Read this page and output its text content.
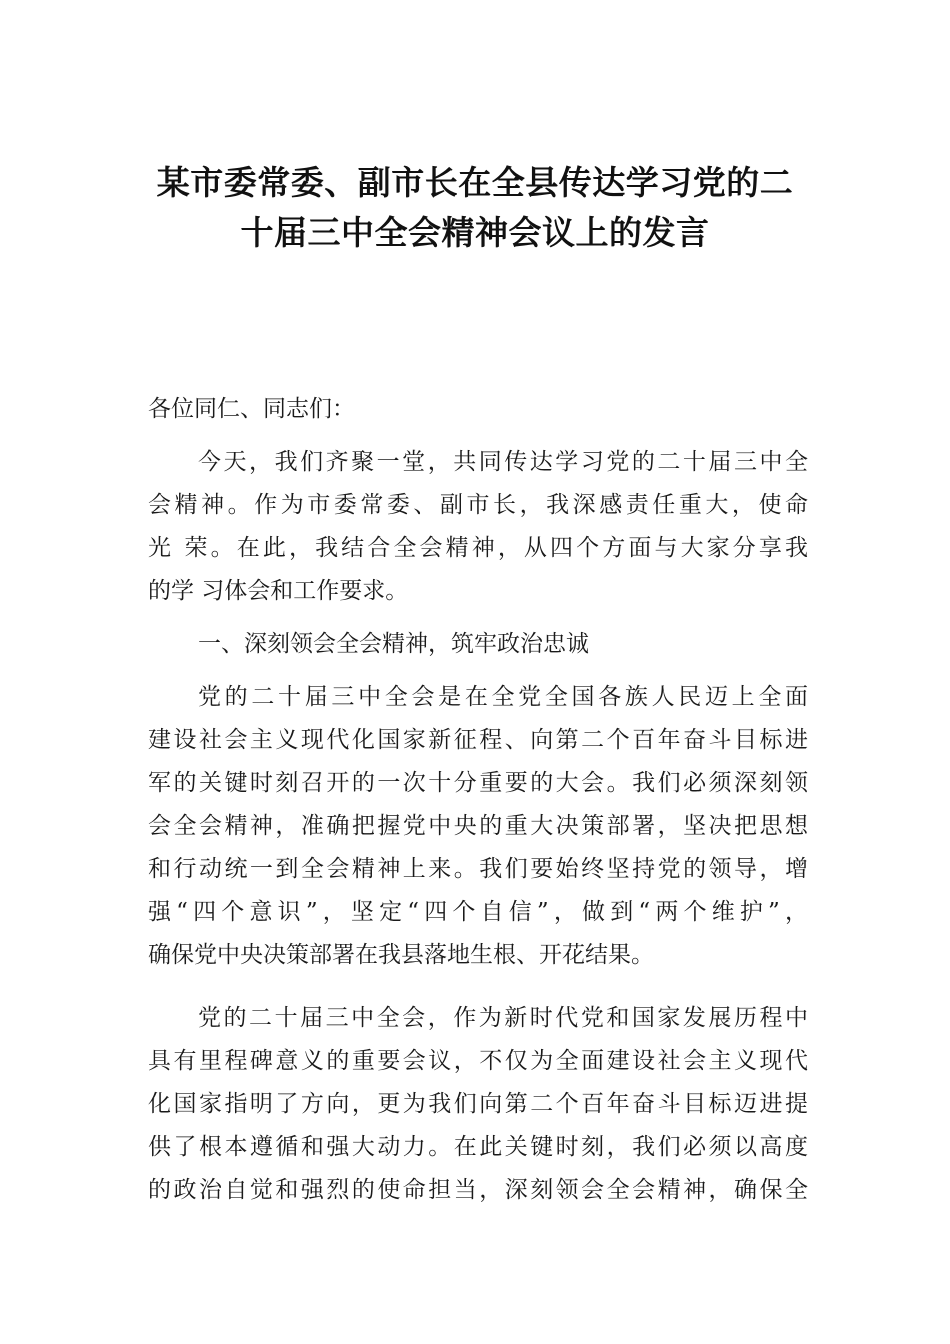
某市委常委、副市长在全县传达学习党的二
十届三中全会精神会议上的发言
各位同仁、同志们：
今天，我们齐聚一堂，共同传达学习党的二十届三中全
会精神。作为市委常委、副市长，我深感责任重大，使命
光 荣。在此，我结合全会精神，从四个方面与大家分享我
的学 习体会和工作要求。
一、深刻领会全会精神，筑牢政治忠诚
党的二十届三中全会是在全党全国各族人民迈上全面
建设社会主义现代化国家新征程、向第二个百年奋斗目标进
军的关键时刻召开的一次十分重要的大会。我们必须深刻领
会全会精神，准确把握党中央的重大决策部署，坚决把思想
和行动统一到全会精神上来。我们要始终坚持党的领导，增
强“四个意识”，坚定“四个自信”，做到“两个维护”，
确保党中央决策部署在我县落地生根、开花结果。
党的二十届三中全会，作为新时代党和国家发展历程中
具有里程碑意义的重要会议，不仅为全面建设社会主义现代
化国家指明了方向，更为我们向第二个百年奋斗目标迈进提
供了根本遵循和强大动力。在此关键时刻，我们必须以高度
的政治自觉和强烈的使命担当，深刻领会全会精神，确保全
